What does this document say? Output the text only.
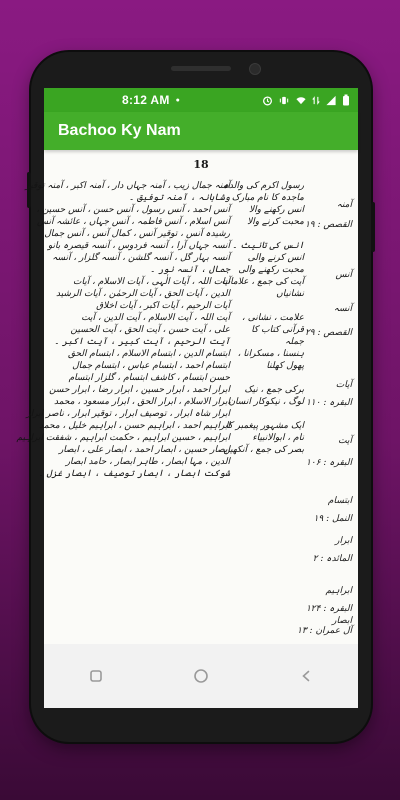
8:12 AM ●
Bachoo Ky Nam
18
آمنہ جمال زیب ، آمنہ جہاں دار ، آمنہ اکبر ، آمنہ توقیر
وشاہانہ ، آمنہ توفیق ۔
آنس احمد ، آنس رسول ، آنس حسن ، آنس حسین ،
آنس اسلام ، آنس فاطمہ ، آنس جہاں ، عائشہ آنس
رشیدہ آنس ، توقیر آنس ، کمال آنس ، آنس جمال
آنسہ جہاں آرا ، آنسہ فردوس ، آنسہ قیصرہ بانو
آنسہ بہار گل ، آنسہ گلشن ، آنسہ گلزار ، آنسہ
جمال ، آنسہ نور ۔
آیات اللہ ، آیات الٰہی ، آیات الاسلام ، آیات
الدین ، آیات الحق ، آیات الرحمٰن ، آیات الرشید
آیات الرحیم ، آیات اکبر ، آیات اخلاق
آیت اللہ ، آیت الاسلام ، آیت الدین ، آیت
علی ، آیت حسن ، آیت الحق ، آیت الحسین
آیت الرحیم ، آیت کبیر ، آیت اکبر ۔
ابتسام الدین ، ابتسام الاسلام ، ابتسام الحق
ابتسام احمد ، ابتسام عباس ، ابتسام جمال
حسن ابتسام ، کاشف ابتسام ، گلزار ابتسام
ابرار احمد ، ابرار حسین ، ابرار رضا ، ابرار حسن
ابرار الاسلام ، ابرار الحق ، ابرار مسعود ، محمد
ابرار شاہ ابرار ، توصیف ابرار ، توقیر ابرار ، ناصر ابرار
ابراہیم احمد ، ابراہیم حسن ، ابراہیم خلیل ، محمد
ابراہیم ، حسین ابراہیم ، حکمت ابراہیم ، شفقت ابراہیم
ابصار حسین ، ابصار احمد ، ابصار علی ، ابصار
الدین ، مہا ابصار ، طاہر ابصار ، حامد ابصار
شوکت ابصار ، ابصار توصیف ، ابصار غزل ۔
رسول اکرم کی والدہ
ماجدہ کا نام مبارک
انس رکھنے والا
محبت کرنے والا
انس کی تانیث ۔
انس کرنے والی
محبت رکھنے والی
آیت کی جمع ، علامات
نشانیاں
علامت ، نشانی ،
قرآنی کتاب کا
جملہ
ہنسنا ، مسکرانا ،
پھول کھلنا
برکی جمع ، نیک
لوگ ، نیکوکار انسان
ایک مشہور پیغمبر کا
نام ، ابوالانبیاء
بصر کی جمع ، آنکھیں
آمنہ
القصص : ۱۹
آنس
آنسہ
القصص : ۲۹
آیات
البقرہ : ۱۱۰
آیت
البقرہ : ۱۰۶
ابتسام
النمل : ۱۹
ابرار
المائدہ : ۲
ابراہیم
البقرہ : ۱۲۴
ابصار
آل عمران : ۱۳
